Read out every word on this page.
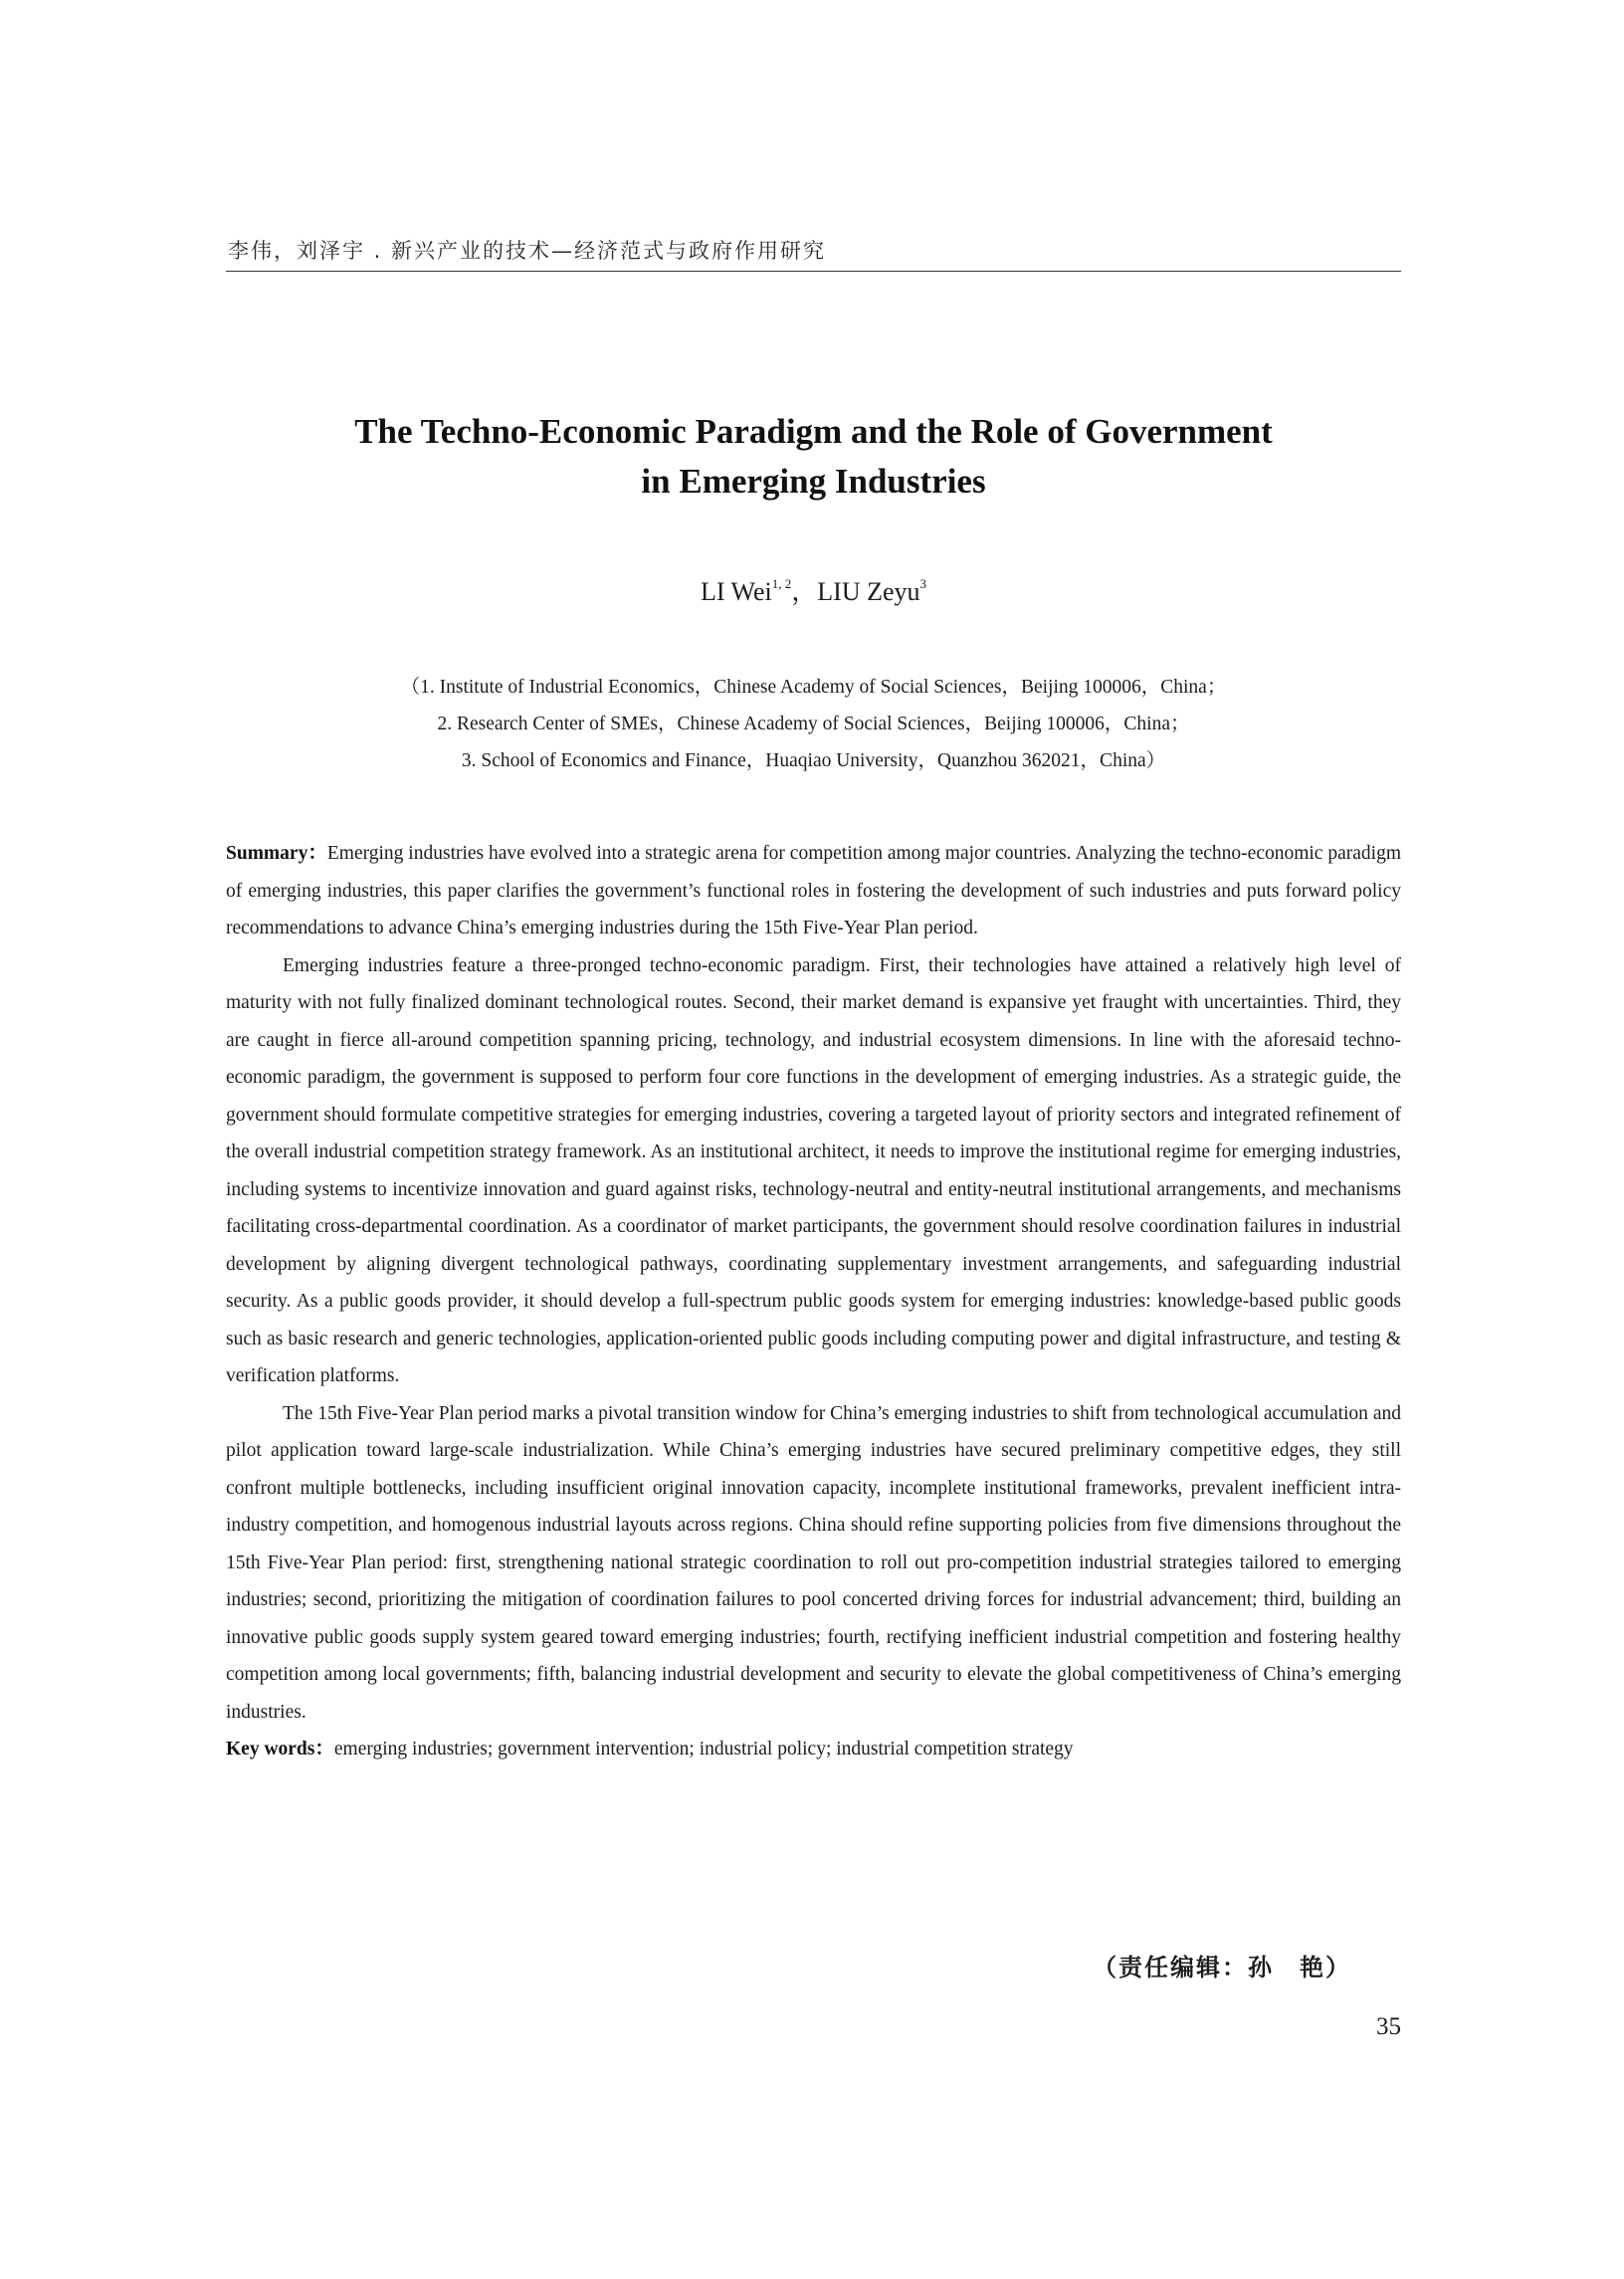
李伟，刘泽宇 . 新兴产业的技术—经济范式与政府作用研究
The Techno-Economic Paradigm and the Role of Government
in Emerging Industries
LI Wei$^{1, 2}$，LIU Zeyu$^3$
（1. Institute of Industrial Economics，Chinese Academy of Social Sciences，Beijing 100006，China；
2. Research Center of SMEs，Chinese Academy of Social Sciences，Beijing 100006，China；
3. School of Economics and Finance，Huaqiao University，Quanzhou 362021，China）

Summary：Emerging industries have evolved into a strategic arena for competition among major countries. Analyzing the techno-economic paradigm of emerging industries, this paper clarifies the government’s functional roles in fostering the development of such industries and puts forward policy recommendations to advance China’s emerging industries during the 15th Five-Year Plan period.

Emerging industries feature a three-pronged techno-economic paradigm. First, their technologies have attained a relatively high level of maturity with not fully finalized dominant technological routes. Second, their market demand is expansive yet fraught with uncertainties. Third, they are caught in fierce all-around competition spanning pricing, technology, and industrial ecosystem dimensions. In line with the aforesaid techno-economic paradigm, the government is supposed to perform four core functions in the development of emerging industries. As a strategic guide, the government should formulate competitive strategies for emerging industries, covering a targeted layout of priority sectors and integrated refinement of the overall industrial competition strategy framework. As an institutional architect, it needs to improve the institutional regime for emerging industries, including systems to incentivize innovation and guard against risks, technology-neutral and entity-neutral institutional arrangements, and mechanisms facilitating cross-departmental coordination. As a coordinator of market participants, the government should resolve coordination failures in industrial development by aligning divergent technological pathways, coordinating supplementary investment arrangements, and safeguarding industrial security. As a public goods provider, it should develop a full-spectrum public goods system for emerging industries: knowledge-based public goods such as basic research and generic technologies, application-oriented public goods including computing power and digital infrastructure, and testing & verification platforms.

The 15th Five-Year Plan period marks a pivotal transition window for China’s emerging industries to shift from technological accumulation and pilot application toward large-scale industrialization. While China’s emerging industries have secured preliminary competitive edges, they still confront multiple bottlenecks, including insufficient original innovation capacity, incomplete institutional frameworks, prevalent inefficient intra-industry competition, and homogenous industrial layouts across regions. China should refine supporting policies from five dimensions throughout the 15th Five-Year Plan period: first, strengthening national strategic coordination to roll out pro-competition industrial strategies tailored to emerging industries; second, prioritizing the mitigation of coordination failures to pool concerted driving forces for industrial advancement; third, building an innovative public goods supply system geared toward emerging industries; fourth, rectifying inefficient industrial competition and fostering healthy competition among local governments; fifth, balancing industrial development and security to elevate the global competitiveness of China’s emerging industries.

Key words：emerging industries; government intervention; industrial policy; industrial competition strategy

（责任编辑：孙　艳）
35
